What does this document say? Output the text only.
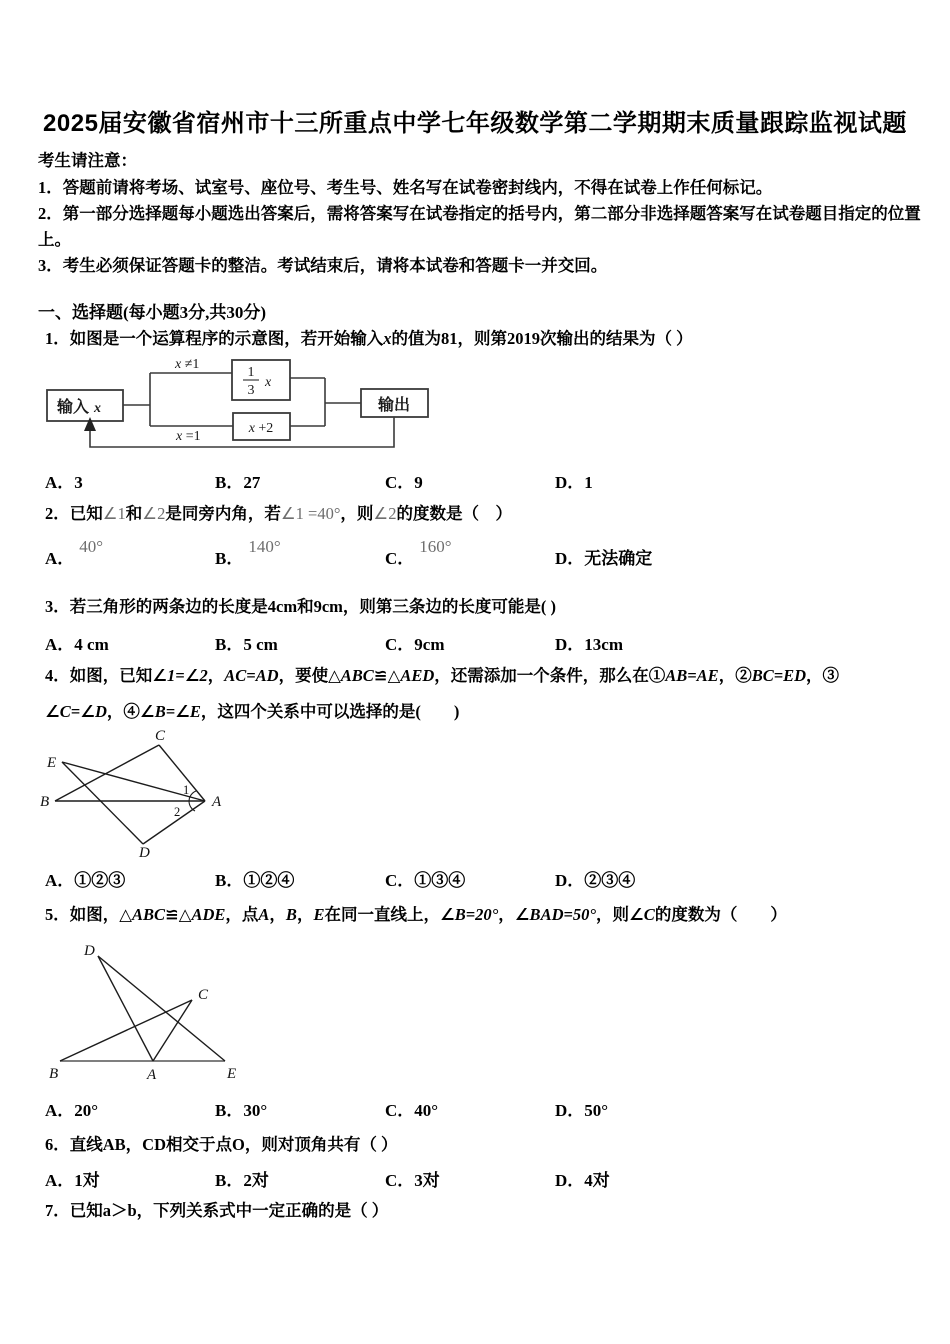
2025届安徽省宿州市十三所重点中学七年级数学第二学期期末质量跟踪监视试题
考生请注意：
1．答题前请将考场、试室号、座位号、考生号、姓名写在试卷密封线内，不得在试卷上作任何标记。
2．第一部分选择题每小题选出答案后，需将答案写在试卷指定的括号内，第二部分非选择题答案写在试卷题目指定的位置上。
3．考生必须保证答题卡的整洁。考试结束后，请将本试卷和答题卡一并交回。
一、选择题(每小题3分,共30分)
1．如图是一个运算程序的示意图，若开始输入x的值为81，则第2019次输出的结果为（ ）
输入 x
x ≠1
1
3
x
x +2
x =1
输出
A．3	B．27	C．9	D．1
2．已知∠1和∠2是同旁内角，若∠1 =40°，则∠2的度数是（　）
A．40°
B．140°
C．160°
D．无法确定
3．若三角形的两条边的长度是4cm和9cm，则第三条边的长度可能是( )
A．4 cm	B．5 cm	C．9cm	D．13cm
4．如图，已知∠1=∠2，AC=AD，要使△ABC≌△AED，还需添加一个条件，那么在①AB=AE，②BC=ED，③
∠C=∠D，④∠B=∠E，这四个关系中可以选择的是(　　)
E
C
B	A
D
1
2
A．①②③	B．①②④	C．①③④	D．②③④
5．如图，△ABC≌△ADE，点A，B，E在同一直线上，∠B=20°，∠BAD=50°，则∠C的度数为（　　）
D
C
B	A	E
A．20°	B．30°	C．40°	D．50°
6．直线AB，CD相交于点O，则对顶角共有（ ）
A．1对	B．2对	C．3对	D．4对
7．已知a＞b，下列关系式中一定正确的是（ ）
